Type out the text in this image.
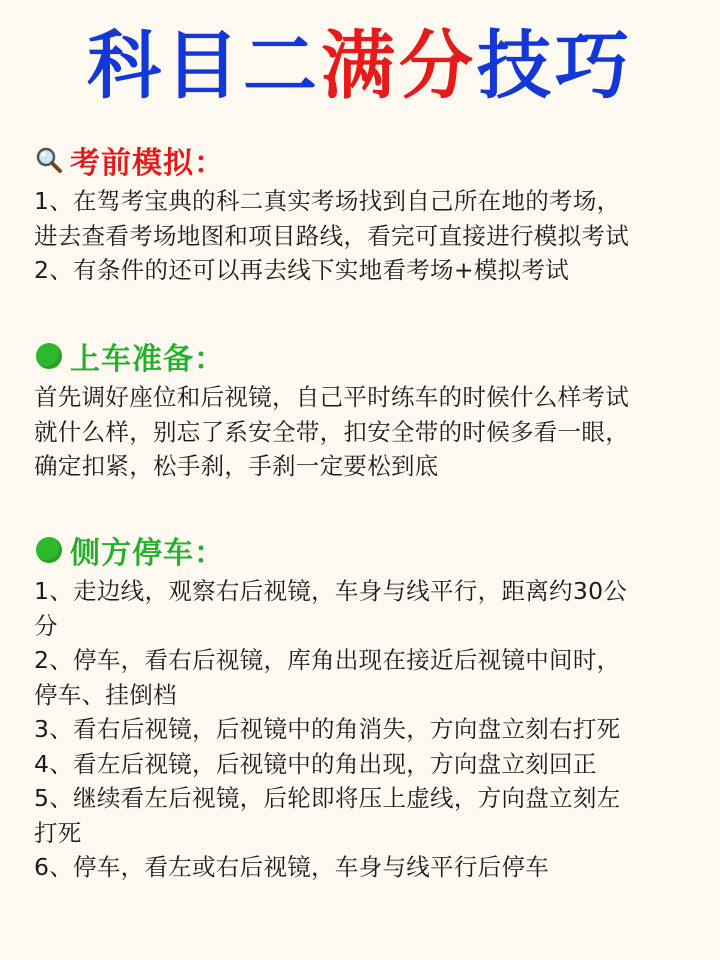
科目二满分技巧
考前模拟：
1、在驾考宝典的科二真实考场找到自己所在地的考场，
进去查看考场地图和项目路线，看完可直接进行模拟考试
2、有条件的还可以再去线下实地看考场+模拟考试
上车准备：
首先调好座位和后视镜，自己平时练车的时候什么样考试
就什么样，别忘了系安全带，扣安全带的时候多看一眼，
确定扣紧，松手刹，手刹一定要松到底
侧方停车：
1、走边线，观察右后视镜，车身与线平行，距离约30公
分
2、停车，看右后视镜，库角出现在接近后视镜中间时，
停车、挂倒档
3、看右后视镜，后视镜中的角消失，方向盘立刻右打死
4、看左后视镜，后视镜中的角出现，方向盘立刻回正
5、继续看左后视镜，后轮即将压上虚线，方向盘立刻左
打死
6、停车，看左或右后视镜，车身与线平行后停车
